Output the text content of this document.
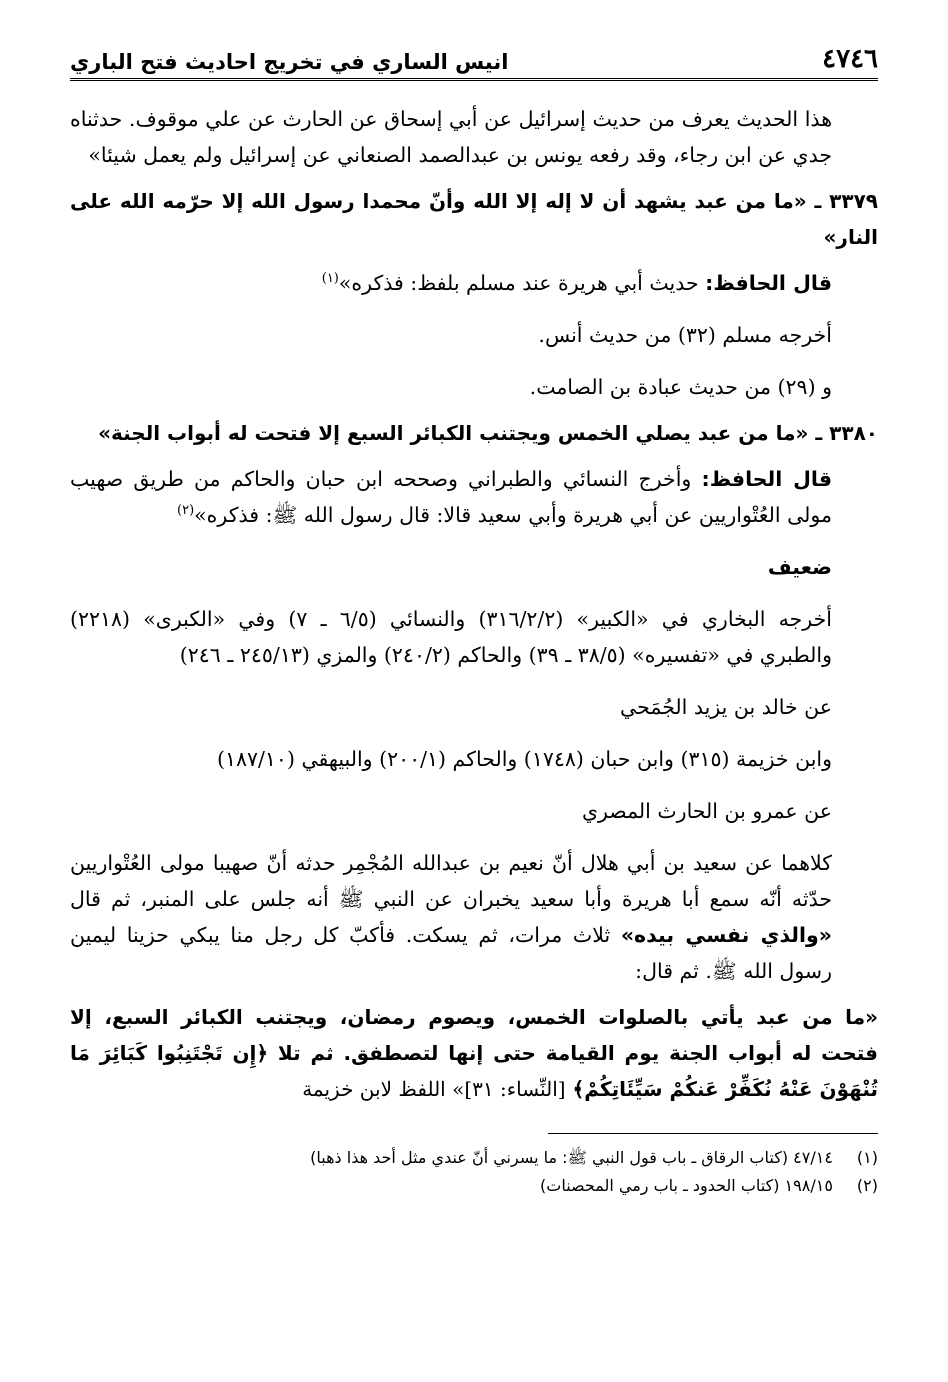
٤٧٤٦
انيس الساري في تخريج احاديث فتح الباري

هذا الحديث يعرف من حديث إسرائيل عن أبي إسحاق عن الحارث عن علي موقوف. حدثناه جدي عن ابن رجاء، وقد رفعه يونس بن عبدالصمد الصنعاني عن إسرائيل ولم يعمل شيئا»

٣٣٧٩ ـ «ما من عبد يشهد أن لا إله إلا الله وأنّ محمدا رسول الله إلا حرّمه الله على النار»

قال الحافظ: حديث أبي هريرة عند مسلم بلفظ: فذكره»$^{(١)}$

أخرجه مسلم (٣٢) من حديث أنس.

و (٢٩) من حديث عبادة بن الصامت.

٣٣٨٠ ـ «ما من عبد يصلي الخمس ويجتنب الكبائر السبع إلا فتحت له أبواب الجنة»

قال الحافظ: وأخرج النسائي والطبراني وصححه ابن حبان والحاكم من طريق صهيب مولى العُتْواريين عن أبي هريرة وأبي سعيد قالا: قال رسول الله ﷺ: فذكره»$^{(٢)}$

ضعيف

أخرجه البخاري في «الكبير» (٣١٦/٢/٢) والنسائي (٦/٥ ـ ٧) وفي «الكبرى» (٢٢١٨) والطبري في «تفسيره» (٣٨/٥ ـ ٣٩) والحاكم (٢٤٠/٢) والمزي (٢٤٥/١٣ ـ ٢٤٦)

عن خالد بن يزيد الجُمَحي

وابن خزيمة (٣١٥) وابن حبان (١٧٤٨) والحاكم (٢٠٠/١) والبيهقي (١٨٧/١٠)

عن عمرو بن الحارث المصري

كلاهما عن سعيد بن أبي هلال أنّ نعيم بن عبدالله المُجْمِر حدثه أنّ صهيبا مولى العُتْواريين حدّثه أنّه سمع أبا هريرة وأبا سعيد يخبران عن النبي ﷺ أنه جلس على المنبر، ثم قال «والذي نفسي بيده» ثلاث مرات، ثم يسكت. فأكبّ كل رجل منا يبكي حزينا ليمين رسول الله ﷺ. ثم قال:

«ما من عبد يأتي بالصلوات الخمس، ويصوم رمضان، ويجتنب الكبائر السبع، إلا فتحت له أبواب الجنة يوم القيامة حتى إنها لتصطفق. ثم تلا ﴿إِن تَجْتَنِبُوا كَبَائِرَ مَا تُنْهَوْنَ عَنْهُ نُكَفِّرْ عَنكُمْ سَيِّئَاتِكُمْ﴾ [النِّساء: ٣١]» اللفظ لابن خزيمة

(١) ٤٧/١٤ (كتاب الرقاق ـ باب قول النبي ﷺ: ما يسرني أنّ عندي مثل أحد هذا ذهبا)

(٢) ١٩٨/١٥ (كتاب الحدود ـ باب رمي المحصنات)
